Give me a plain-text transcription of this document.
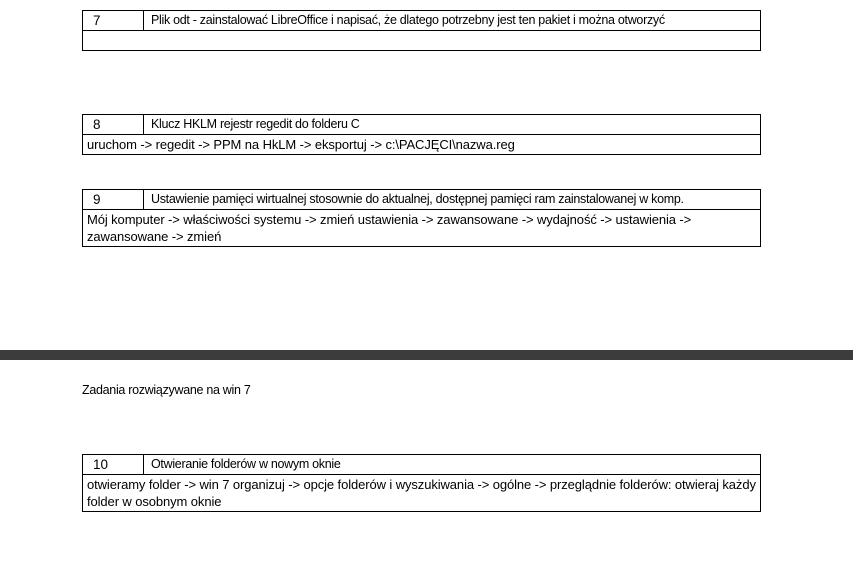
7	Plik odt - zainstalować LibreOffice i napisać, że dlatego potrzebny jest ten pakiet i można otworzyć

8	Klucz HKLM rejestr regedit do folderu C
uruchom -> regedit -> PPM na HkLM -> eksportuj -> c:\PACJĘCI\nazwa.reg
9	Ustawienie pamięci wirtualnej stosownie do aktualnej, dostępnej pamięci ram zainstalowanej w komp.
Mój komputer -> właściwości systemu -> zmień ustawienia -> zawansowane -> wydajność -> ustawienia -> zawansowane -> zmień
Zadania rozwiązywane na win 7
10	Otwieranie folderów w nowym oknie
otwieramy folder -> win 7 organizuj -> opcje folderów i wyszukiwania -> ogólne -> przeglądnie folderów: otwieraj każdy folder w osobnym oknie
